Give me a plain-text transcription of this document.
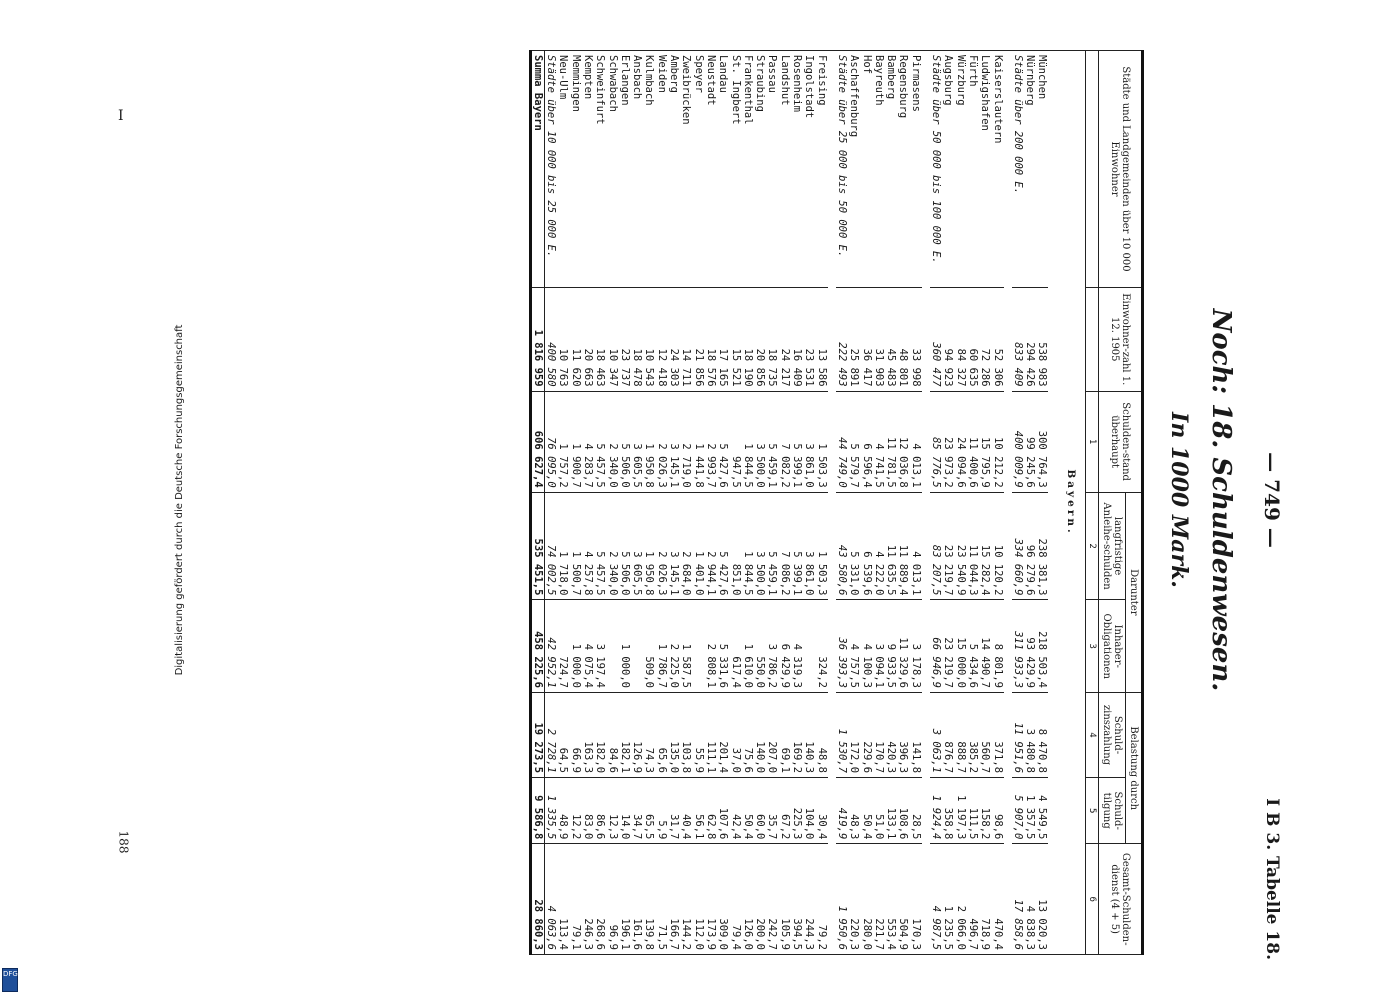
Digitalisierung gefördert durch die Deutsche Forschungsgemeinschaft
DFG
I
188
— 749 —
I B 3. Tabelle 18.
Noch: 18. Schuldenwesen.
In 1000 Mark.
Städte und Landgemeinden über 10 000 Einwohner	Einwohner-zahl 1. 12. 1905	Schulden-stand überhaupt	Darunter		Belastung durch		Gesamt-Schulden-dienst (4 + 5)
			langfristige Anleihe-schulden	Inhaber-Obligationen	Schuld-zinszahlung	Schuld-tilgung	
		1	2	3	4	5	6
Bayern.							

München	538 983	300 764,3	238 381,3	218 503,4	8 470,8	4 549,5	13 020,3
Nürnberg	294 426	99 245,6	96 279,6	93 429,9	3 480,8	1 357,5	4 838,3
Städte über 200 000 E.	833 409	400 009,9	334 660,9	311 933,3	11 951,6	5 907,0	17 858,6

Kaiserslautern	52 306	10 212,2	10 120,2	8 801,9	371,8	98,6	470,4
Ludwigshafen	72 286	15 795,9	15 282,4	14 490,7	560,7	158,2	718,9
Fürth	60 635	11 400,6	11 044,3	5 434,6	385,2	111,5	496,7
Würzburg	84 327	24 094,6	23 540,9	15 000,0	888,7	1 197,3	2 066,0
Augsburg	94 923	23 973,2	23 219,7	23 219,7	876,7	358,8	1 235,5
Städte über 50 000 bis 100 000 E.	360 477	85 776,5	83 207,5	66 946,9	3 063,1	1 924,4	4 987,5

Pirmasens	33 998	4 013,1	4 013,1	3 178,3	141,8	28,5	170,3
Regensburg	48 801	12 036,8	11 889,4	11 329,6	396,3	108,6	504,9
Bamberg	45 483	11 781,5	11 635,5	9 933,5	420,3	133,1	553,4
Bayreuth	31 903	4 741,5	4 222,0	3 094,1	170,7	51,0	221,7
Hof	36 417	6 596,4	6 539,6	4 100,3	229,6	50,4	280,0
Aschaffenburg	25 891	5 579,7	5 331,0	4 757,5	172,0	48,3	220,3
Städte über 25 000 bis 50 000 E.	222 493	44 749,0	43 580,6	36 393,3	1 530,7	419,9	1 950,6

Freising	13 586	1 503,3	1 503,3	324,2	48,8	30,4	79,2
Ingolstadt	23 531	3 861,0	3 861,0		140,3	104,0	244,3
Rosenheim	16 409	5 399,1	5 399,1	4 319,3	169,2	225,3	394,5
Landshut	24 217	7 082,2	7 086,2	6 429,9	69,1	67,2	105,9
Passau	18 735	5 459,1	5 459,1	3 786,2	207,0	35,7	242,7
Straubing	20 856	3 500,0	3 500,0	550,0	140,0	60,0	200,0
Frankenthal	18 190	1 844,5	1 844,5	1 610,0	75,6	50,4	126,0
St. Ingbert	15 521	947,5	851,0	617,4	37,0	42,4	79,4
Landau	17 165	5 427,6	5 427,6	5 331,6	201,4	107,6	309,0
Neustadt	18 576	2 993,7	2 944,1	2 808,1	111,1	62,8	173,9
Speyer	21 856	1 441,8	1 401,0		55,9	56,1	112,0
Zweibrücken	14 711	2 719,0	2 684,0	1 587,5	103,8	40,4	144,2
Amberg	24 303	3 145,1	3 145,1	2 225,0	135,0	31,7	166,7
Weiden	12 418	2 026,3	2 026,3	1 786,7	65,6	5,9	71,5
Kulmbach	10 543	1 950,8	1 950,8	509,0	74,3	65,5	139,8
Ansbach	18 478	3 605,5	3 605,5		126,9	34,7	161,6
Erlangen	23 737	5 506,0	5 506,0	1 000,0	182,1	14,0	196,1
Schwabach	10 347	2 340,0	2 340,0		84,6	12,3	96,9
Schweinfurt	18 463	5 457,5	5 457,5	3 197,4	182,0	86,6	268,6
Kempten	20 663	4 283,7	4 257,8	4 075,4	163,3	83,0	246,3
Memmingen	11 620	1 900,7	1 500,7	1 000,0	66,9	12,2	79,1
Neu-Ulm	10 763	1 757,2	1 718,0	724,7	64,5	48,9	113,4
Städte über 10 000 bis 25 000 E.	400 580	76 095,0	74 002,5	42 952,1	2 728,1	1 335,5	4 063,6
Summa Bayern	1 816 959	606 627,4	535 451,5	458 225,6	19 273,5	9 586,8	28 860,3
